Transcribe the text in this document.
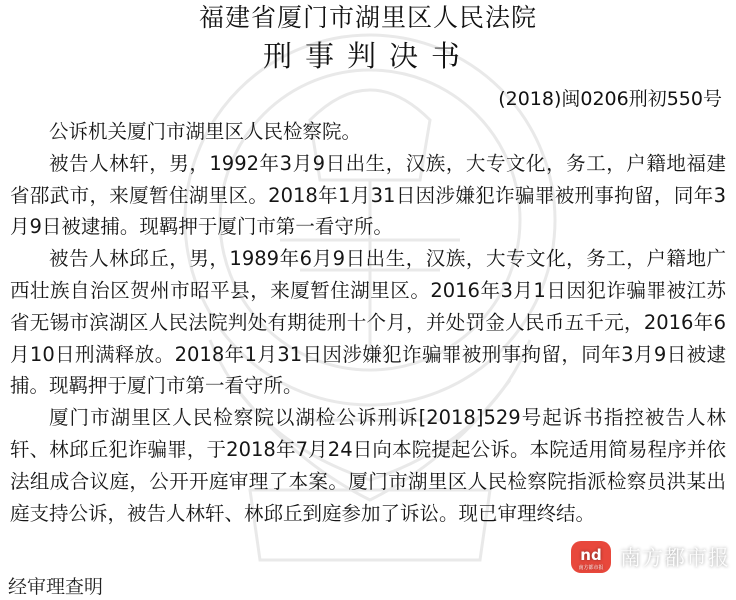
福建省厦门市湖里区人民法院
刑事判决书
(2018)闽0206刑初550号

公诉机关厦门市湖里区人民检察院。

被告人林轩，男，1992年3月9日出生，汉族，大专文化，务工，户籍地福建省邵武市，来厦暂住湖里区。2018年1月31日因涉嫌犯诈骗罪被刑事拘留，同年3月9日被逮捕。现羁押于厦门市第一看守所。

被告人林邱丘，男，1989年6月9日出生，汉族，大专文化，务工，户籍地广西壮族自治区贺州市昭平县，来厦暂住湖里区。2016年3月1日因犯诈骗罪被江苏省无锡市滨湖区人民法院判处有期徒刑十个月，并处罚金人民币五千元，2016年6月10日刑满释放。2018年1月31日因涉嫌犯诈骗罪被刑事拘留，同年3月9日被逮捕。现羁押于厦门市第一看守所。

厦门市湖里区人民检察院以湖检公诉刑诉[2018]529号起诉书指控被告人林轩、林邱丘犯诈骗罪，于2018年7月24日向本院提起公诉。本院适用简易程序并依法组成合议庭，公开开庭审理了本案。厦门市湖里区人民检察院指派检察员洪某出庭支持公诉，被告人林轩、林邱丘到庭参加了诉讼。现已审理终结。

经审理查明
nd
南方都市报 南方都市报
